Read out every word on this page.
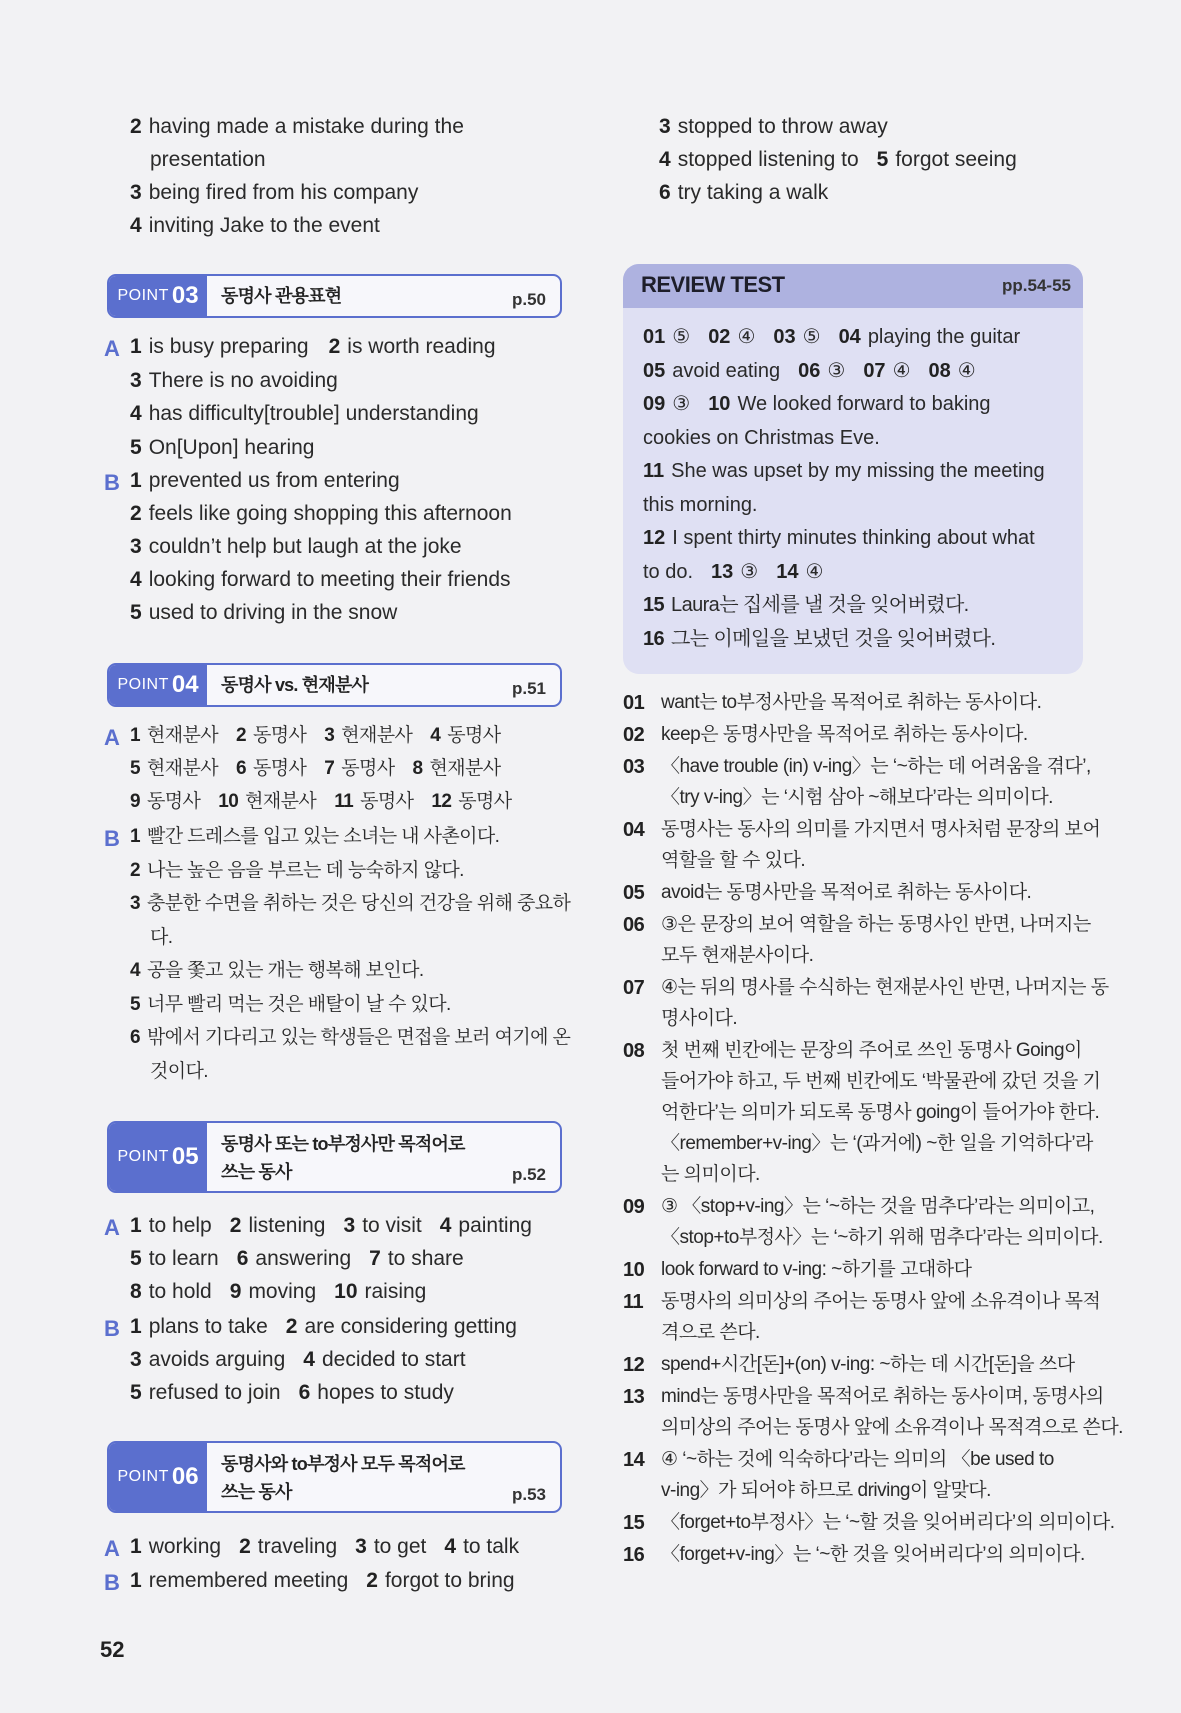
2 having made a mistake during the
presentation
3 being fired from his company
4 inviting Jake to the event
POINT 03 동명사 관용표현	p.50
A
B
1 is busy preparing 2 is worth reading
3 There is no avoiding
4 has difficulty[trouble] understanding
5 On[Upon] hearing
1 prevented us from entering
2 feels like going shopping this afternoon
3 couldn’t help but laugh at the joke
4 looking forward to meeting their friends
5 used to driving in the snow
POINT 04 동명사 vs. 현재분사	p.51
A
B
1 현재분사 2 동명사 3 현재분사 4 동명사
5 현재분사 6 동명사 7 동명사 8 현재분사
9 동명사 10 현재분사 11 동명사 12 동명사
1 빨간 드레스를 입고 있는 소녀는 내 사촌이다.
2 나는 높은 음을 부르는 데 능숙하지 않다.
3 충분한 수면을 취하는 것은 당신의 건강을 위해 중요하
다.
4 공을 쫓고 있는 개는 행복해 보인다.
5 너무 빨리 먹는 것은 배탈이 날 수 있다.
6 밖에서 기다리고 있는 학생들은 면접을 보러 여기에 온
것이다.
POINT 05 동명사 또는 to부정사만 목적어로
쓰는 동사	p.52
A
B
1 to help 2 listening 3 to visit 4 painting
5 to learn 6 answering 7 to share
8 to hold 9 moving 10 raising
1 plans to take 2 are considering getting
3 avoids arguing 4 decided to start
5 refused to join 6 hopes to study
POINT 06 동명사와 to부정사 모두 목적어로
쓰는 동사	p.53
A
B
1 working 2 traveling 3 to get 4 to talk
1 remembered meeting 2 forgot to bring
3 stopped to throw away
4 stopped listening to 5 forgot seeing
6 try taking a walk
REVIEW TEST	pp.54-55
01 ⑤ 02 ④ 03 ⑤ 04 playing the guitar
05 avoid eating 06 ③ 07 ④ 08 ④
09 ③ 10 We looked forward to baking
cookies on Christmas Eve.
11 She was upset by my missing the meeting
this morning.
12 I spent thirty minutes thinking about what
to do. 13 ③ 14 ④
15 Laura는 집세를 낼 것을 잊어버렸다.
16 그는 이메일을 보냈던 것을 잊어버렸다.
01 want는 to부정사만을 목적어로 취하는 동사이다.
02 keep은 동명사만을 목적어로 취하는 동사이다.
03 〈have trouble (in) v-ing〉는 ‘~하는 데 어려움을 겪다’,
〈try v-ing〉는 ‘시험 삼아 ~해보다’라는 의미이다.
04 동명사는 동사의 의미를 가지면서 명사처럼 문장의 보어
역할을 할 수 있다.
05 avoid는 동명사만을 목적어로 취하는 동사이다.
06 ③은 문장의 보어 역할을 하는 동명사인 반면, 나머지는
모두 현재분사이다.
07 ④는 뒤의 명사를 수식하는 현재분사인 반면, 나머지는 동
명사이다.
08 첫 번째 빈칸에는 문장의 주어로 쓰인 동명사 Going이
들어가야 하고, 두 번째 빈칸에도 ‘박물관에 갔던 것을 기
억한다’는 의미가 되도록 동명사 going이 들어가야 한다.
〈remember+v-ing〉는 ‘(과거에) ~한 일을 기억하다’라
는 의미이다.
09 ③ 〈stop+v-ing〉는 ‘~하는 것을 멈추다’라는 의미이고,
〈stop+to부정사〉는 ‘~하기 위해 멈추다’라는 의미이다.
10 look forward to v-ing: ~하기를 고대하다
11 동명사의 의미상의 주어는 동명사 앞에 소유격이나 목적
격으로 쓴다.
12 spend+시간[돈]+(on) v-ing: ~하는 데 시간[돈]을 쓰다
13 mind는 동명사만을 목적어로 취하는 동사이며, 동명사의
의미상의 주어는 동명사 앞에 소유격이나 목적격으로 쓴다.
14 ④ ‘~하는 것에 익숙하다’라는 의미의 〈be used to
v-ing〉가 되어야 하므로 driving이 알맞다.
15 〈forget+to부정사〉는 ‘~할 것을 잊어버리다’의 의미이다.
16 〈forget+v-ing〉는 ‘~한 것을 잊어버리다’의 의미이다.
52
